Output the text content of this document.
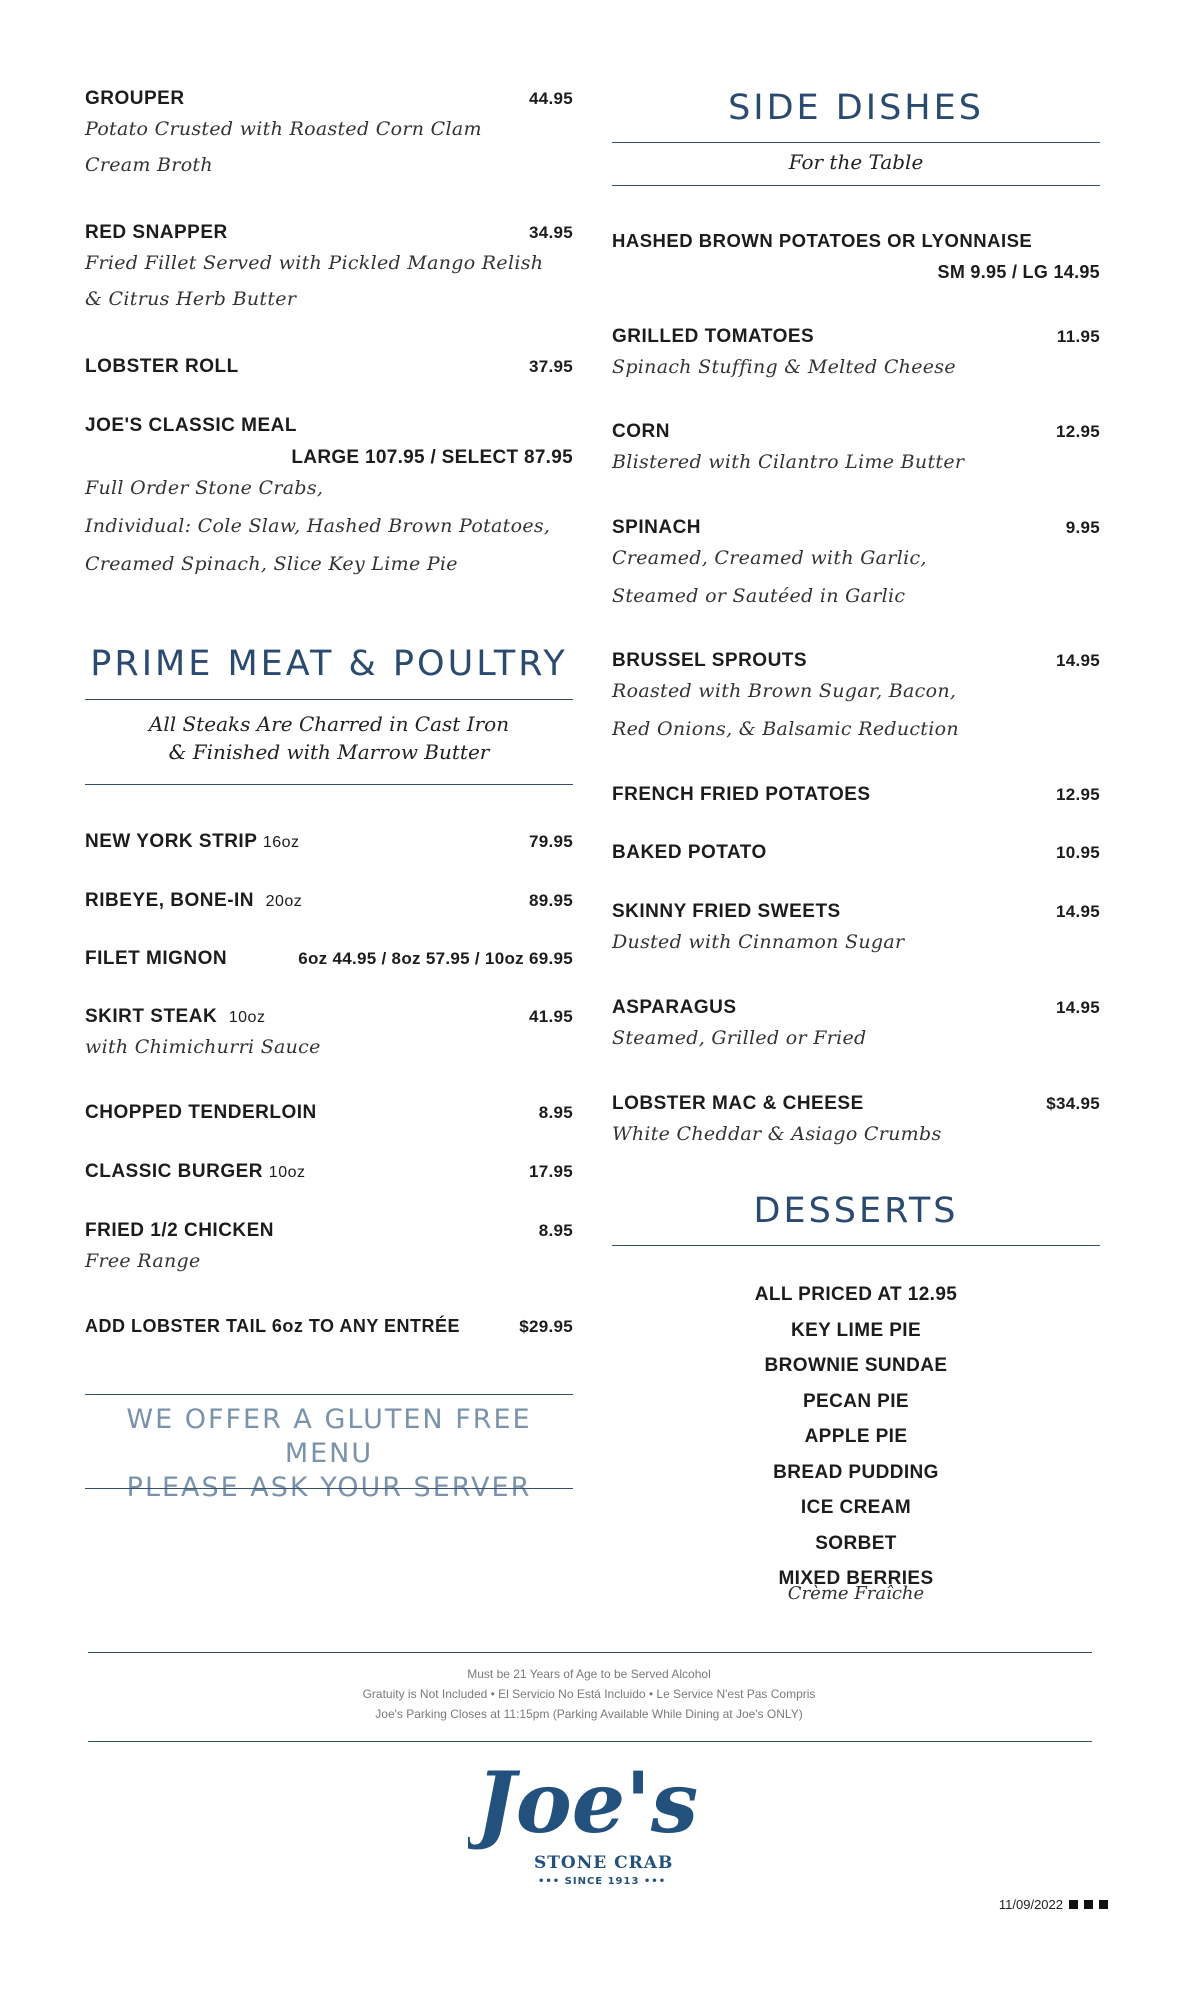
GROUPER	44.95
Potato Crusted with Roasted Corn Clam
Cream Broth
RED SNAPPER	34.95
Fried Fillet Served with Pickled Mango Relish
& Citrus Herb Butter
LOBSTER ROLL	37.95
JOE'S CLASSIC MEAL
LARGE 107.95 / SELECT 87.95
Full Order Stone Crabs,
Individual: Cole Slaw, Hashed Brown Potatoes,
Creamed Spinach, Slice Key Lime Pie
PRIME MEAT & POULTRY
All Steaks Are Charred in Cast Iron
& Finished with Marrow Butter
NEW YORK STRIP 16oz	79.95
RIBEYE, BONE-IN 20oz	89.95
FILET MIGNON	6oz 44.95 / 8oz 57.95 / 10oz 69.95
SKIRT STEAK 10oz	41.95
with Chimichurri Sauce
CHOPPED TENDERLOIN	8.95
CLASSIC BURGER 10oz	17.95
FRIED 1/2 CHICKEN	8.95
Free Range
ADD LOBSTER TAIL 6oz TO ANY ENTRÉE	$29.95
WE OFFER A GLUTEN FREE MENU
PLEASE ASK YOUR SERVER
SIDE DISHES
For the Table
HASHED BROWN POTATOES OR LYONNAISE
SM 9.95 / LG 14.95
GRILLED TOMATOES	11.95
Spinach Stuffing & Melted Cheese
CORN	12.95
Blistered with Cilantro Lime Butter
SPINACH	9.95
Creamed, Creamed with Garlic,
Steamed or Sautéed in Garlic
BRUSSEL SPROUTS	14.95
Roasted with Brown Sugar, Bacon,
Red Onions, & Balsamic Reduction
FRENCH FRIED POTATOES	12.95
BAKED POTATO	10.95
SKINNY FRIED SWEETS	14.95
Dusted with Cinnamon Sugar
ASPARAGUS	14.95
Steamed, Grilled or Fried
LOBSTER MAC & CHEESE	$34.95
White Cheddar & Asiago Crumbs
DESSERTS
ALL PRICED AT 12.95
KEY LIME PIE
BROWNIE SUNDAE
PECAN PIE
APPLE PIE
BREAD PUDDING
ICE CREAM
SORBET
MIXED BERRIES
Crème Fraîche
Must be 21 Years of Age to be Served Alcohol
Gratuity is Not Included • El Servicio No Está Incluido • Le Service N'est Pas Compris
Joe's Parking Closes at 11:15pm (Parking Available While Dining at Joe's ONLY)
Joe's
STONE CRAB
••• SINCE 1913 •••
11/09/2022
